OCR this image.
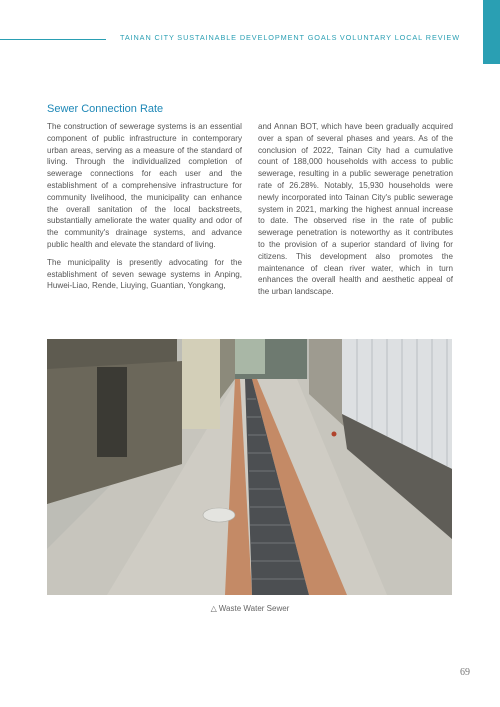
TAINAN CITY SUSTAINABLE DEVELOPMENT GOALS VOLUNTARY LOCAL REVIEW
Sewer Connection Rate

The construction of sewerage systems is an essential component of public infrastructure in contemporary urban areas, serving as a measure of the standard of living. Through the individualized completion of sewerage connections for each user and the establishment of a comprehensive infrastructure for community livelihood, the municipality can enhance the overall sanitation of the local backstreets, substantially ameliorate the water quality and odor of the community's drainage systems, and advance public health and elevate the standard of living.

The municipality is presently advocating for the establishment of seven sewage systems in Anping, Huwei-Liao, Rende, Liuying, Guantian, Yongkang,

and Annan BOT, which have been gradually acquired over a span of several phases and years. As of the conclusion of 2022, Tainan City had a cumulative count of 188,000 households with access to public sewerage, resulting in a public sewerage penetration rate of 26.28%. Notably, 15,930 households were newly incorporated into Tainan City's public sewerage system in 2021, marking the highest annual increase to date. The observed rise in the rate of public sewerage penetration is noteworthy as it contributes to the provision of a superior standard of living for citizens. This development also promotes the maintenance of clean river water, which in turn enhances the overall health and aesthetic appeal of the urban landscape.

△ Waste Water Sewer
69
